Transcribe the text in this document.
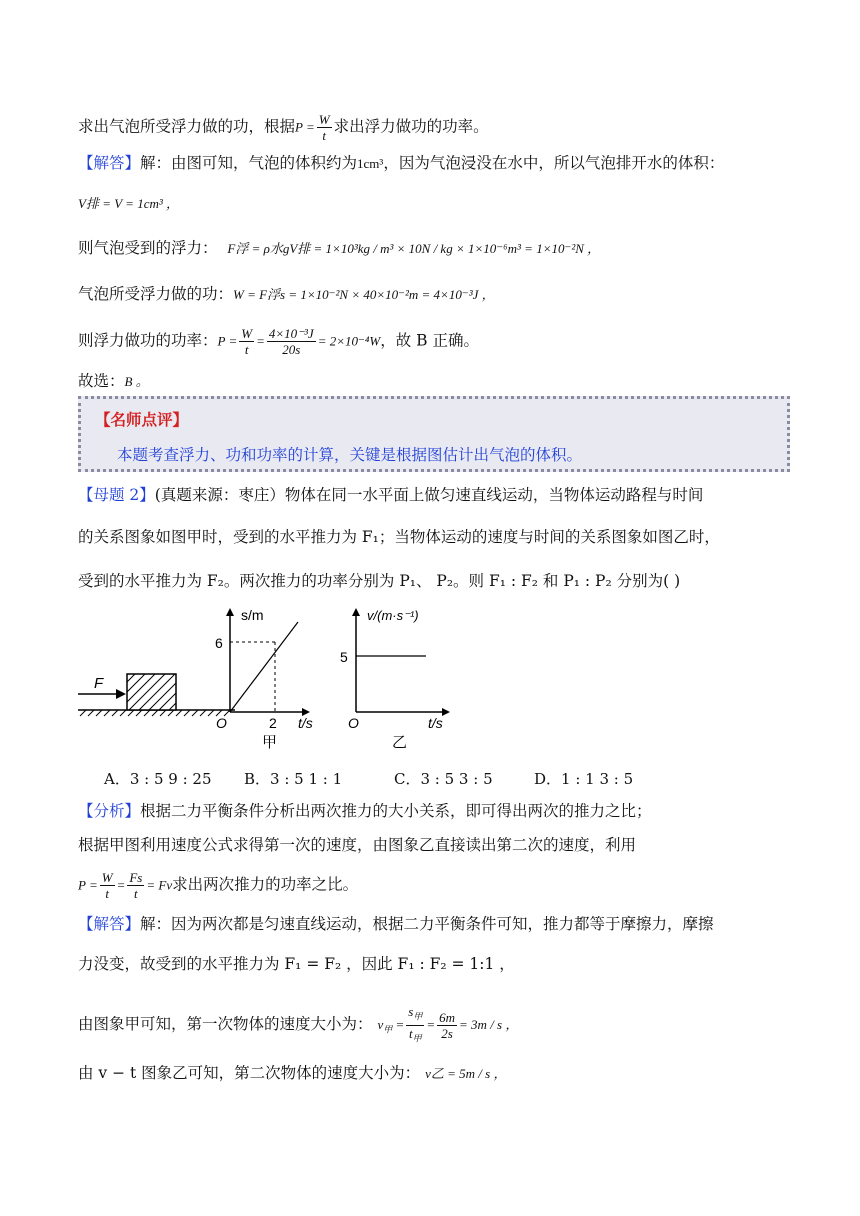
求出气泡所受浮力做的功，根据$P = \frac{W}{t}$ 求出浮力做功的功率。
【解答】解：由图可知，气泡的体积约为1cm³，因为气泡浸没在水中，所以气泡排开水的体积：
V排 = V = 1cm³ ，
则气泡受到的浮力： F浮 = ρ水gV排 = 1×10³kg / m³ × 10N / kg × 1×10⁻⁶m³ = 1×10⁻²N ，
气泡所受浮力做的功：W = F浮s = 1×10⁻²N × 40×10⁻²m = 4×10⁻³J ，
则浮力做功的功率：$P = \frac{W}{t} = \frac{\text{4×10⁻³J}}{20s} = 2\times 10^{-4}W$，故 B 正确。
故选：B 。
【名师点评】
本题考查浮力、功和功率的计算，关键是根据图估计出气泡的体积。
【母题 2】(真题来源：枣庄）物体在同一水平面上做匀速直线运动，当物体运动路程与时间
的关系图象如图甲时，受到的水平推力为 F₁；当物体运动的速度与时间的关系图象如图乙时，
受到的水平推力为 F₂。两次推力的功率分别为 P₁、 P₂。则 F₁ : F₂ 和 P₁ : P₂ 分别为( )
F
s/m
6
2 t/s
O
甲
v/(m·s⁻¹)
5
t/s
O
乙
A．3 : 5 9 : 25 B．3 : 5 1 : 1	C．3 : 5 3 : 5	D．1 : 1 3 : 5
【分析】根据二力平衡条件分析出两次推力的大小关系，即可得出两次的推力之比；
根据甲图利用速度公式求得第一次的速度，由图象乙直接读出第二次的速度，利用
$P = \frac{W}{t} = \frac{Fs}{t} = Fv$求出两次推力的功率之比。
【解答】解：因为两次都是匀速直线运动，根据二力平衡条件可知，推力都等于摩擦力，摩擦
力没变，故受到的水平推力为 F₁ = F₂ ，因此 F₁ : F₂ = 1:1 ，
由图象甲可知，第一次物体的速度大小为： $v_甲 = \frac{s_甲}{t_甲} = \frac{6m}{2s} = 3m / s$ ，
由 v − t 图象乙可知，第二次物体的速度大小为： v乙 = 5m / s ，
